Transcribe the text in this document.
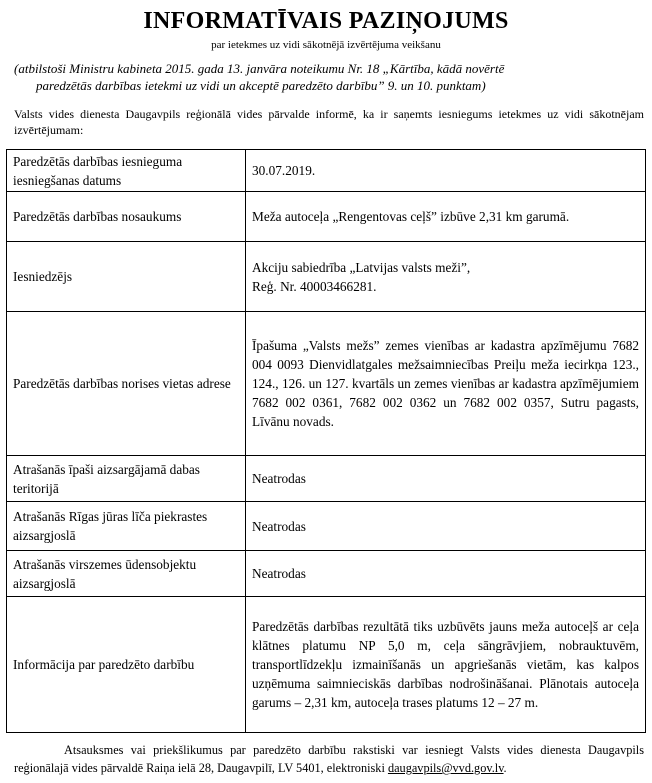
INFORMATĪVAIS PAZIŅOJUMS
par ietekmes uz vidi sākotnējā izvērtējuma veikšanu
(atbilstoši Ministru kabineta 2015. gada 13. janvāra noteikumu Nr. 18 „Kārtība, kādā novērtē
paredzētās darbības ietekmi uz vidi un akceptē paredzēto darbību” 9. un 10. punktam)
Valsts vides dienesta Daugavpils reģionālā vides pārvalde informē, ka ir saņemts iesniegums ietekmes uz vidi sākotnējam izvērtējumam:
Paredzētās darbības iesnieguma iesniegšanas datums	30.07.2019.
Paredzētās darbības nosaukums	Meža autoceļa „Rengentovas ceļš” izbūve 2,31 km garumā.
Iesniedzējs	Akciju sabiedrība „Latvijas valsts meži”,
Reģ. Nr. 40003466281.

Paredzētās darbības norises vietas adrese	Īpašuma „Valsts mežs” zemes vienības ar kadastra apzīmējumu 7682 004 0093 Dienvidlatgales mežsaimniecības Preiļu meža iecirkņa 123., 124., 126. un 127. kvartāls un zemes vienības ar kadastra apzīmējumiem 7682 002 0361, 7682 002 0362 un 7682 002 0357, Sutru pagasts, Līvānu novads.
Atrašanās īpaši aizsargājamā dabas teritorijā	Neatrodas
Atrašanās Rīgas jūras līča piekrastes aizsargjoslā	Neatrodas
Atrašanās virszemes ūdensobjektu aizsargjoslā	Neatrodas
Informācija par paredzēto darbību	Paredzētās darbības rezultātā tiks uzbūvēts jauns meža autoceļš ar ceļa klātnes platumu NP 5,0 m, ceļa sāngrāvjiem, nobrauktuvēm, transportlīdzekļu izmainīšanās un apgriešanās vietām, kas kalpos uzņēmuma saimnieciskās darbības nodrošināšanai. Plānotais autoceļa garums – 2,31 km, autoceļa trases platums 12 – 27 m.
Atsauksmes vai priekšlikumus par paredzēto darbību rakstiski var iesniegt Valsts vides dienesta Daugavpils reģionālajā vides pārvaldē Raiņa ielā 28, Daugavpilī, LV 5401, elektroniski daugavpils@vvd.gov.lv.
